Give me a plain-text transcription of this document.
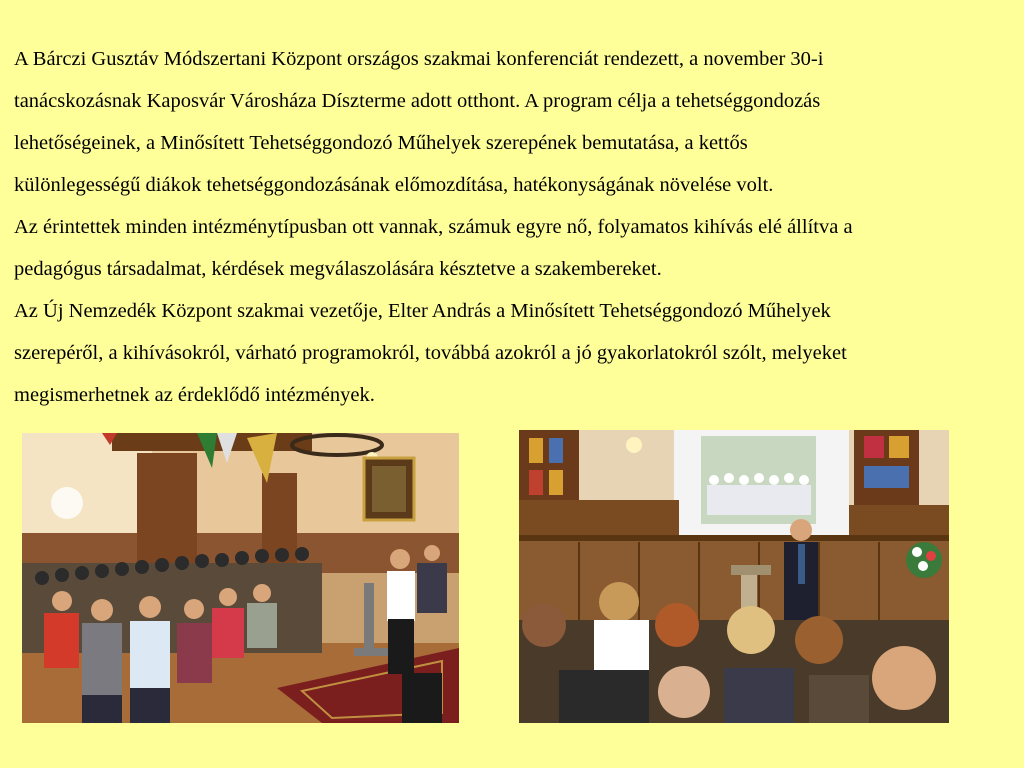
A Bárczi Gusztáv Módszertani Központ országos szakmai konferenciát rendezett, a november 30-i

tanácskozásnak Kaposvár Városháza Díszterme adott otthont. A program célja a tehetséggondozás

lehetőségeinek, a Minősített Tehetséggondozó Műhelyek szerepének bemutatása, a kettős

különlegességű diákok tehetséggondozásának előmozdítása, hatékonyságának növelése volt.

Az érintettek minden intézménytípusban ott vannak, számuk egyre nő, folyamatos kihívás elé állítva a

pedagógus társadalmat, kérdések megválaszolására késztetve a szakembereket.

Az Új Nemzedék Központ szakmai vezetője, Elter András a Minősített Tehetséggondozó Műhelyek

szerepéről, a kihívásokról, várható programokról, továbbá azokról a jó gyakorlatokról szólt, melyeket

megismerhetnek az érdeklődő intézmények.
